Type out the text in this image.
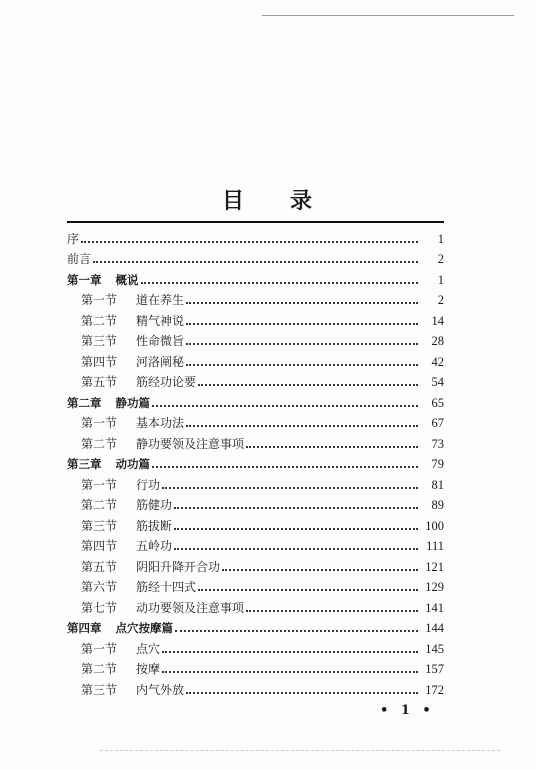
目 录
序	1
前言	2
第一章 概说	1
第一节	道在养生	2
第二节	精气神说	14
第三节	性命微旨	28
第四节	河洛阐秘	42
第五节	筋经功论要	54
第二章 静功篇	65
第一节	基本功法	67
第二节	静功要领及注意事项	73
第三章 动功篇	79
第一节	行功	81
第二节	筋健功	89
第三节	筋拔断	100
第四节	五岭功	111
第五节	阴阳升降开合功	121
第六节	筋经十四式	129
第七节	动功要领及注意事项	141
第四章 点穴按摩篇	144
第一节	点穴	145
第二节	按摩	157
第三节	内气外放	172
• 1 •
